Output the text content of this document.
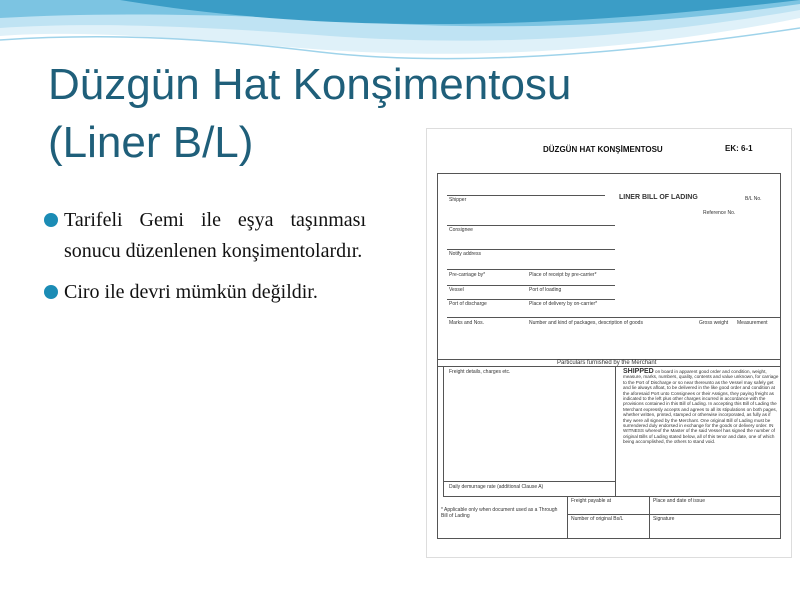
Düzgün Hat Konşimentosu
(Liner B/L)
Tarifeli Gemi ile eşya taşınması sonucu düzenlenen konşimentolardır.
Ciro ile devri mümkün değildir.
DÜZGÜN HAT KONŞİMENTOSU	EK: 6-1
Shipper	LINER BILL OF LADING	B/L No.
Reference No.
Consignee
Notify address
Pre-carriage by*	Place of receipt by pre-carrier*
Vessel	Port of loading
Port of discharge	Place of delivery by on-carrier*
Marks and Nos.	Number and kind of packages, description of goods	Gross weight Measurement
Particulars furnished by the Merchant
Freight details, charges etc.
Daily demurrage rate (additional Clause A)
SHIPPED on board in apparent good order and condition, weight, measure, marks, numbers, quality, contents and value unknown, for carriage to the Port of Discharge or so near thereunto as the Vessel may safely get and lie always afloat, to be delivered in the like good order and condition at the aforesaid Port unto Consignees or their Assigns, they paying freight as indicated to the left plus other charges incurred in accordance with the provisions contained in this Bill of Lading. In accepting this Bill of Lading the Merchant expressly accepts and agrees to all its stipulations on both pages, whether written, printed, stamped or otherwise incorporated, as fully as if they were all signed by the Merchant. One original Bill of Lading must be surrendered duly endorsed in exchange for the goods or delivery order. IN WITNESS whereof the Master of the said Vessel has signed the number of original Bills of Lading stated below, all of this tenor and date, one of which being accomplished, the others to stand void.
* Applicable only when document used as a Through Bill of Lading
Freight payable at	Place and date of issue
Number of original Bs/L	Signature
